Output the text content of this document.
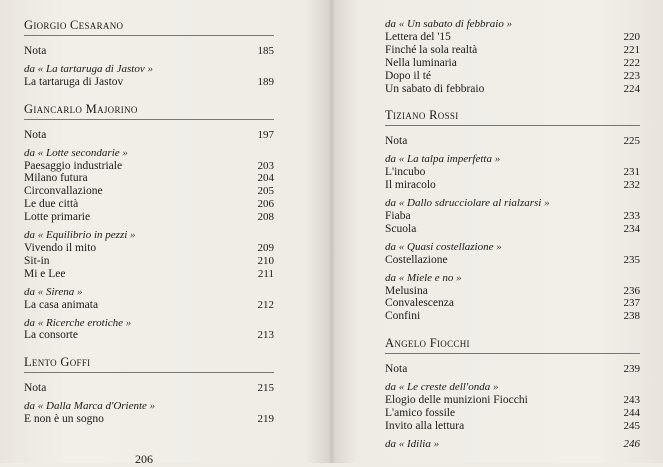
Giorgio Cesarano
Nota	185
da « La tartaruga di Jastov »
La tartaruga di Jastov	189
Giancarlo Majorino
Nota	197
da « Lotte secondarie »
Paesaggio industriale	203
Milano futura	204
Circonvallazione	205
Le due città	206
Lotte primarie	208
da « Equilibrio in pezzi »
Vivendo il mito	209
Sit-in	210
Mi e Lee	211
da « Sirena »
La casa animata	212
da « Ricerche erotiche »
La consorte	213
Lento Goffi
Nota	215
da « Dalla Marca d'Oriente »
E non è un sogno	219
206
da « Un sabato di febbraio »
Lettera del '15	220
Finché la sola realtà	221
Nella luminaria	222
Dopo il té	223
Un sabato di febbraio	224
Tiziano Rossi
Nota	225
da « La talpa imperfetta »
L'incubo	231
Il miracolo	232
da « Dallo sdrucciolare al rialzarsi »
Fiaba	233
Scuola	234
da « Quasi costellazione »
Costellazione	235
da « Miele e no »
Melusina	236
Convalescenza	237
Confini	238
Angelo Fiocchi
Nota	239
da « Le creste dell'onda »
Elogio delle munizioni Fiocchi	243
L'amico fossile	244
Invito alla lettura	245
da « Idilia »	246
